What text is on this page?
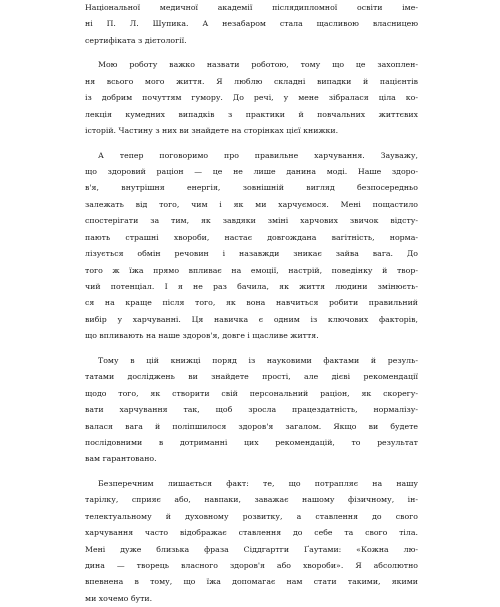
Національної медичної академії післядипломної освіти іме-
ні П. Л. Шупика. А незабаром стала щасливою власницею
сертифіката з дієтології.
Мою роботу важко назвати роботою, тому що це захоплен-
ня всього мого життя. Я люблю складні випадки й пацієнтів
із добрим почуттям гумору. До речі, у мене зібралася ціла ко-
лекція кумедних випадків з практики й повчальних життєвих
історій. Частину з них ви знайдете на сторінках цієї книжки.
А тепер поговоримо про правильне харчування. Зауважу,
що здоровий раціон — це не лише данина моді. Наше здоро-
в'я, внутрішня енергія, зовнішній вигляд безпосередньо
залежать від того, чим і як ми харчуємося. Мені пощастило
спостерігати за тим, як завдяки зміні харчових звичок відсту-
пають страшні хвороби, настає довгождана вагітність, норма-
лізується обмін речовин і назавжди зникає зайва вага. До
того ж їжа прямо впливає на емоції, настрій, поведінку й твор-
чий потенціал. І я не раз бачила, як життя людини змінюєть-
ся на краще після того, як вона навчиться робити правильний
вибір у харчуванні. Ця навичка є одним із ключових факторів,
що впливають на наше здоров'я, довге і щасливе життя.
Тому в цій книжці поряд із науковими фактами й резуль-
татами досліджень ви знайдете прості, але дієві рекомендації
щодо того, як створити свій персональний раціон, як скорегу-
вати харчування так, щоб зросла працездатність, нормалізу-
валася вага й поліпшилося здоров'я загалом. Якщо ви будете
послідовними в дотриманні цих рекомендацій, то результат
вам гарантовано.
Безперечним лишається факт: те, що потрапляє на нашу
тарілку, сприяє або, навпаки, заважає нашому фізичному, ін-
телектуальному й духовному розвитку, а ставлення до свого
харчування часто відображає ставлення до себе та свого тіла.
Мені дуже близька фраза Сіддгартги Ґаутами: «Кожна лю-
дина — творець власного здоров'я або хвороби». Я абсолютно
впевнена в тому, що їжа допомагає нам стати такими, якими
ми хочемо бути.
